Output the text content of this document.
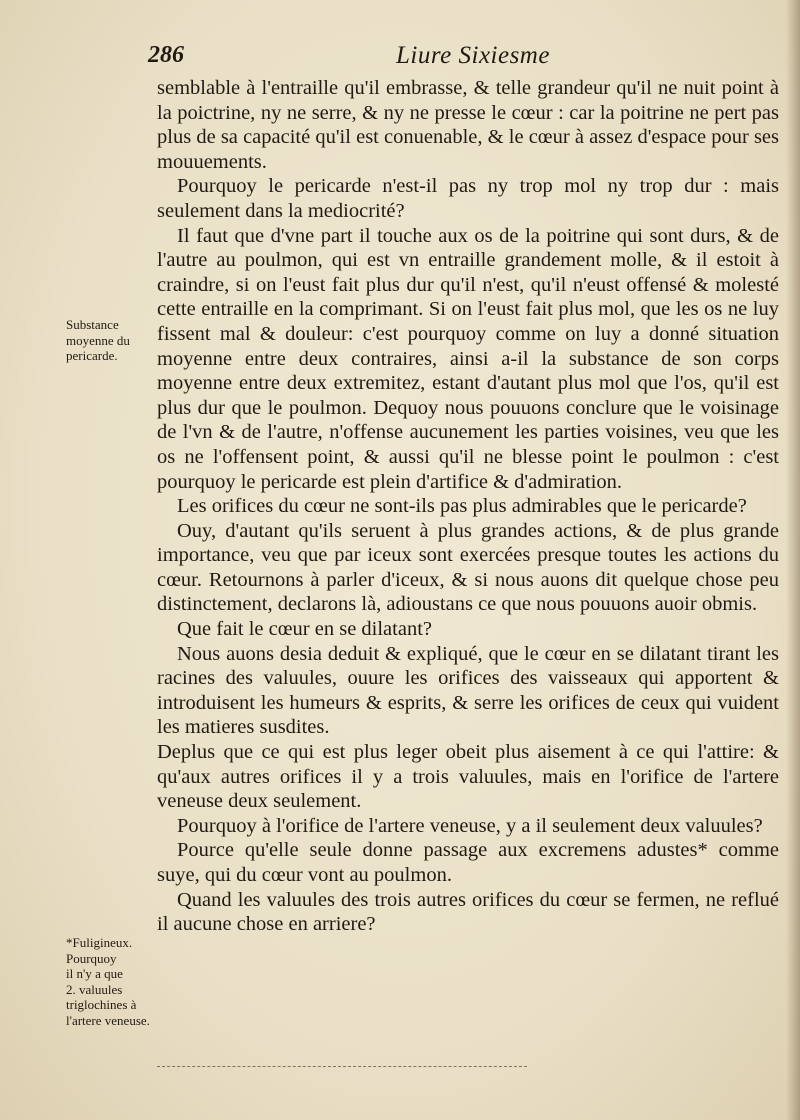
286	Liure Sixiesme

semblable à l'entraille qu'il embrasse, & telle grandeur qu'il ne nuit point à la poictrine, ny ne serre, & ny ne presse le cœur : car la poitrine ne pert pas plus de sa capacité qu'il est conuenable, & le cœur à assez d'espace pour ses mouuements.

Pourquoy le pericarde n'est-il pas ny trop mol ny trop dur : mais seulement dans la mediocrité?

Il faut que d'vne part il touche aux os de la poitrine qui sont durs, & de l'autre au poulmon, qui est vn entraille grandement molle, & il estoit à craindre, si on l'eust fait plus dur qu'il n'est, qu'il n'eust offensé & molesté cette entraille en la comprimant. Si on l'eust fait plus mol, que les os ne luy fissent mal & douleur: c'est pourquoy comme on luy a donné situation moyenne entre deux contraires, ainsi a-il la substance de son corps moyenne entre deux extremitez, estant d'autant plus mol que l'os, qu'il est plus dur que le poulmon. Dequoy nous pouuons conclure que le voisinage de l'vn & de l'autre, n'offense aucunement les parties voisines, veu que les os ne l'offensent point, & aussi qu'il ne blesse point le poulmon : c'est pourquoy le pericarde est plein d'artifice & d'admiration.

Les orifices du cœur ne sont-ils pas plus admirables que le pericarde?

Ouy, d'autant qu'ils seruent à plus grandes actions, & de plus grande importance, veu que par iceux sont exercées presque toutes les actions du cœur. Retournons à parler d'iceux, & si nous auons dit quelque chose peu distinctement, declarons là, adioustans ce que nous pouuons auoir obmis.

Que fait le cœur en se dilatant?

Nous auons desia deduit & expliqué, que le cœur en se dilatant tirant les racines des valuules, ouure les orifices des vaisseaux qui apportent & introduisent les humeurs & esprits, & serre les orifices de ceux qui vuident les matieres susdites.

Deplus que ce qui est plus leger obeit plus aisement à ce qui l'attire: & qu'aux autres orifices il y a trois valuules, mais en l'orifice de l'artere veneuse deux seulement.

Pourquoy à l'orifice de l'artere veneuse, y a il seulement deux valuules?

Pource qu'elle seule donne passage aux excremens adustes* comme suye, qui du cœur vont au poulmon.

Quand les valuules des trois autres orifices du cœur se fermen, ne reflué il aucune chose en arriere?

Substance
moyenne du
pericarde.
*Fuligineux.
Pourquoy
il n'y a que
2. valuules
triglochines à l'artere veneuse.
